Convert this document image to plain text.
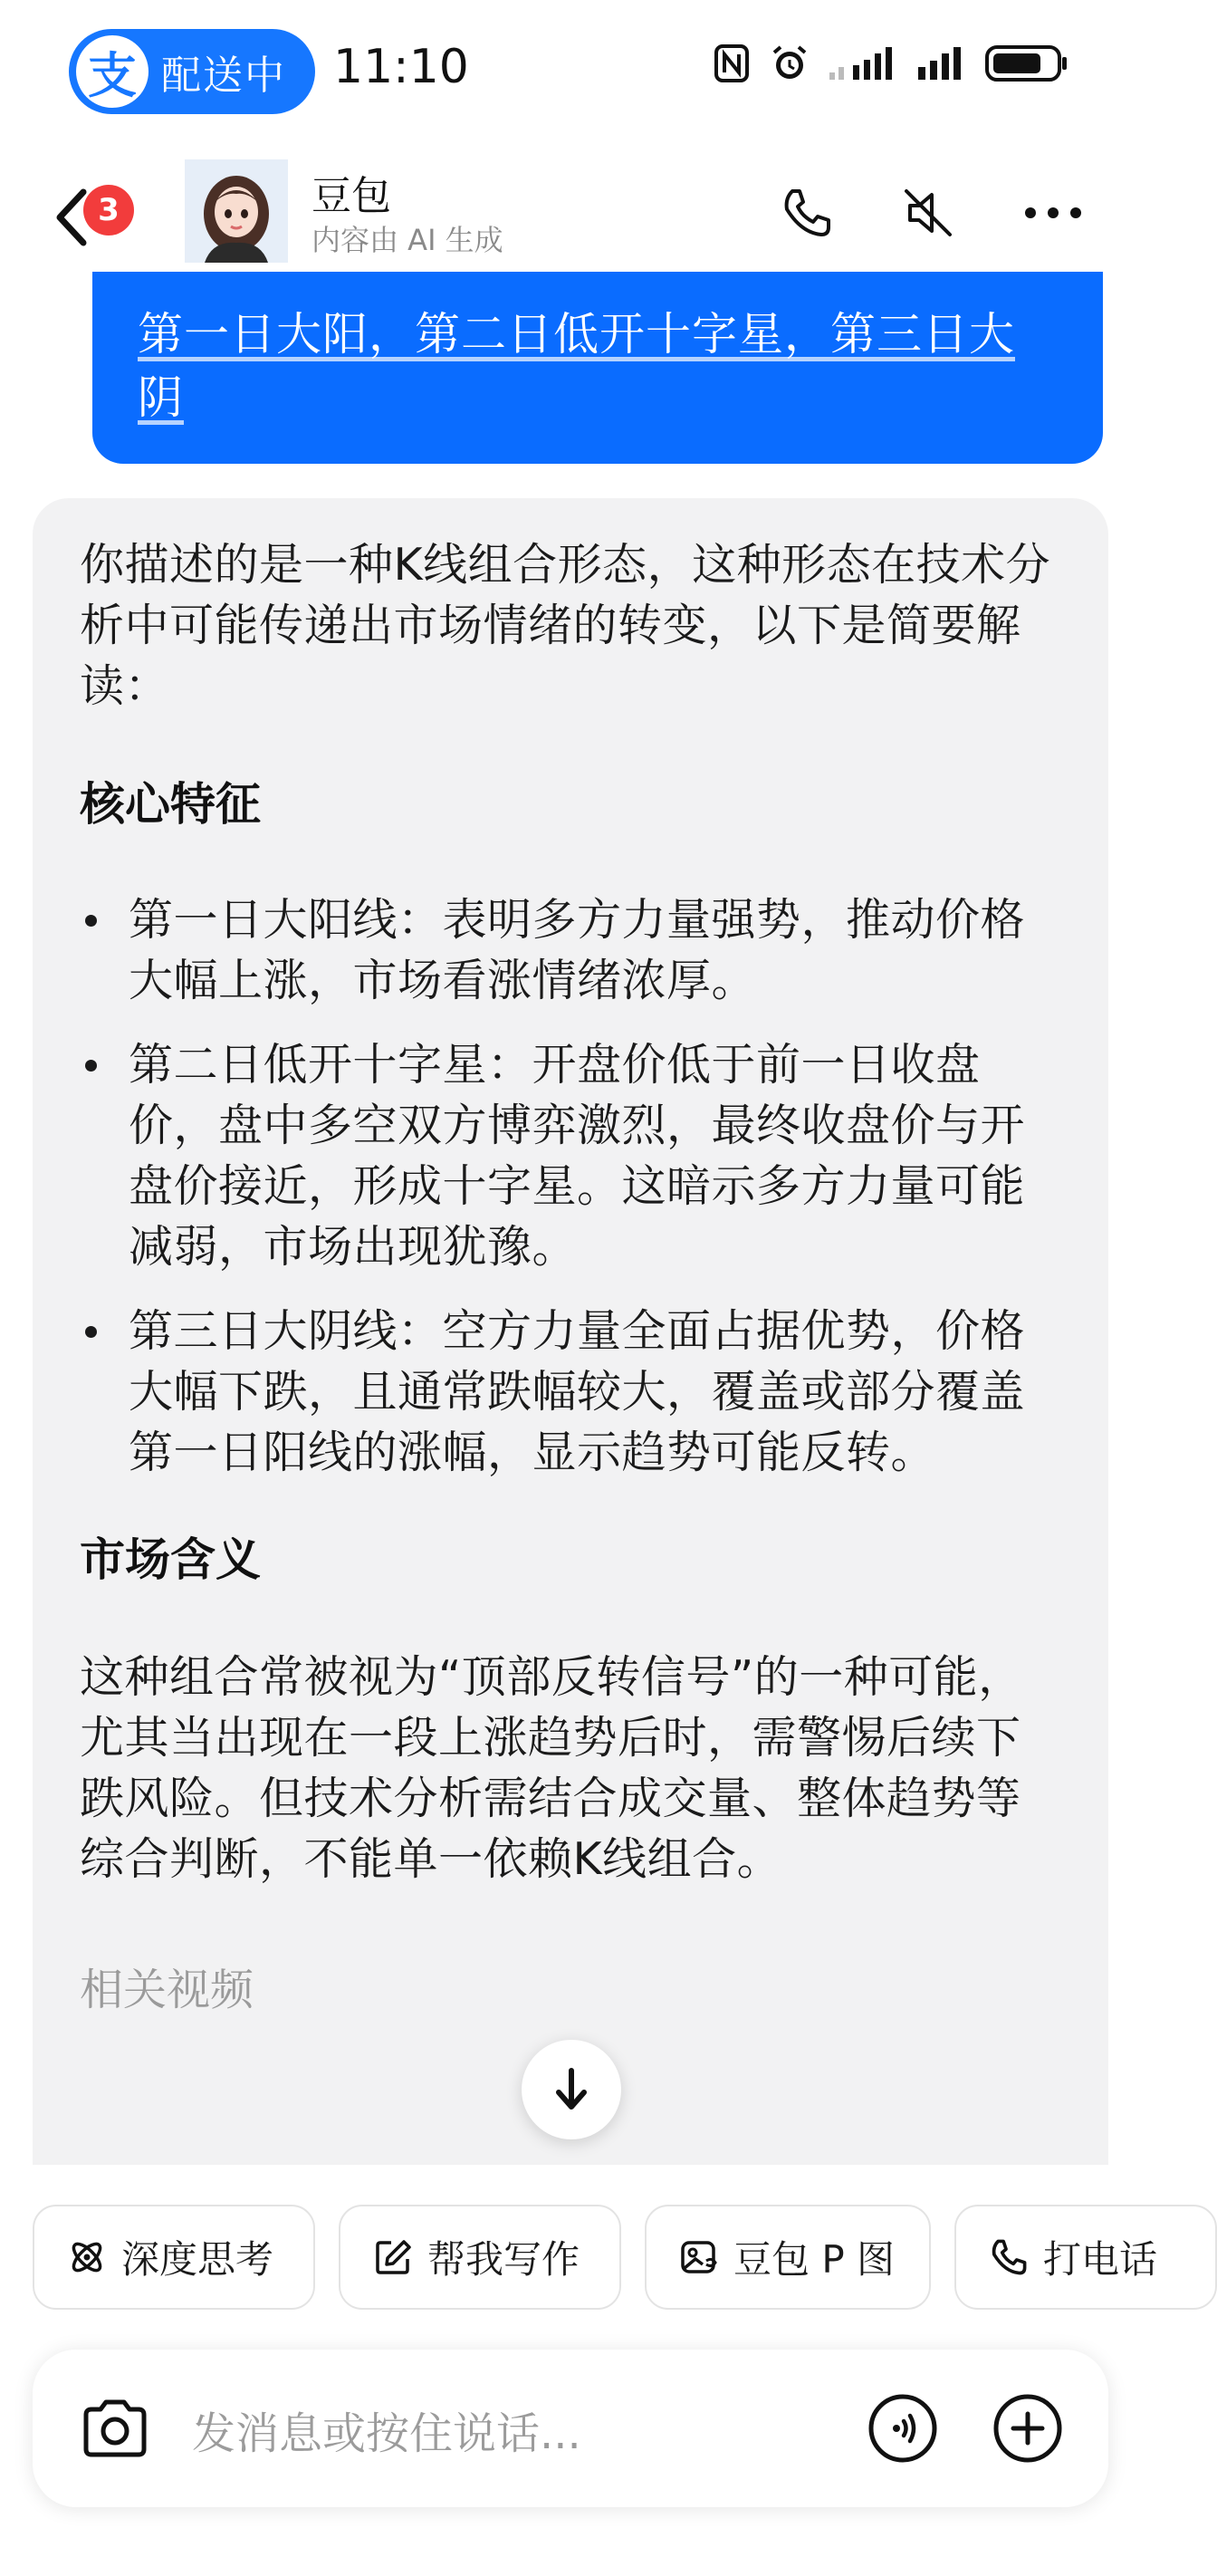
支 配送中 11:10
3	豆包
内容由 AI 生成
第一日大阳，第二日低开十字星，第三日大阴

你描述的是一种K线组合形态，这种形态在技术分析中可能传递出市场情绪的转变，以下是简要解读：

核心特征

第一日大阳线：表明多方力量强势，推动价格大幅上涨，市场看涨情绪浓厚。
第二日低开十字星：开盘价低于前一日收盘价，盘中多空双方博弈激烈，最终收盘价与开盘价接近，形成十字星。这暗示多方力量可能减弱，市场出现犹豫。
第三日大阴线：空方力量全面占据优势，价格大幅下跌，且通常跌幅较大，覆盖或部分覆盖第一日阳线的涨幅，显示趋势可能反转。

市场含义

这种组合常被视为“顶部反转信号”的一种可能，尤其当出现在一段上涨趋势后时，需警惕后续下跌风险。但技术分析需结合成交量、整体趋势等综合判断，不能单一依赖K线组合。

相关视频
深度思考	帮我写作	豆包 P 图	打电话
发消息或按住说话...
